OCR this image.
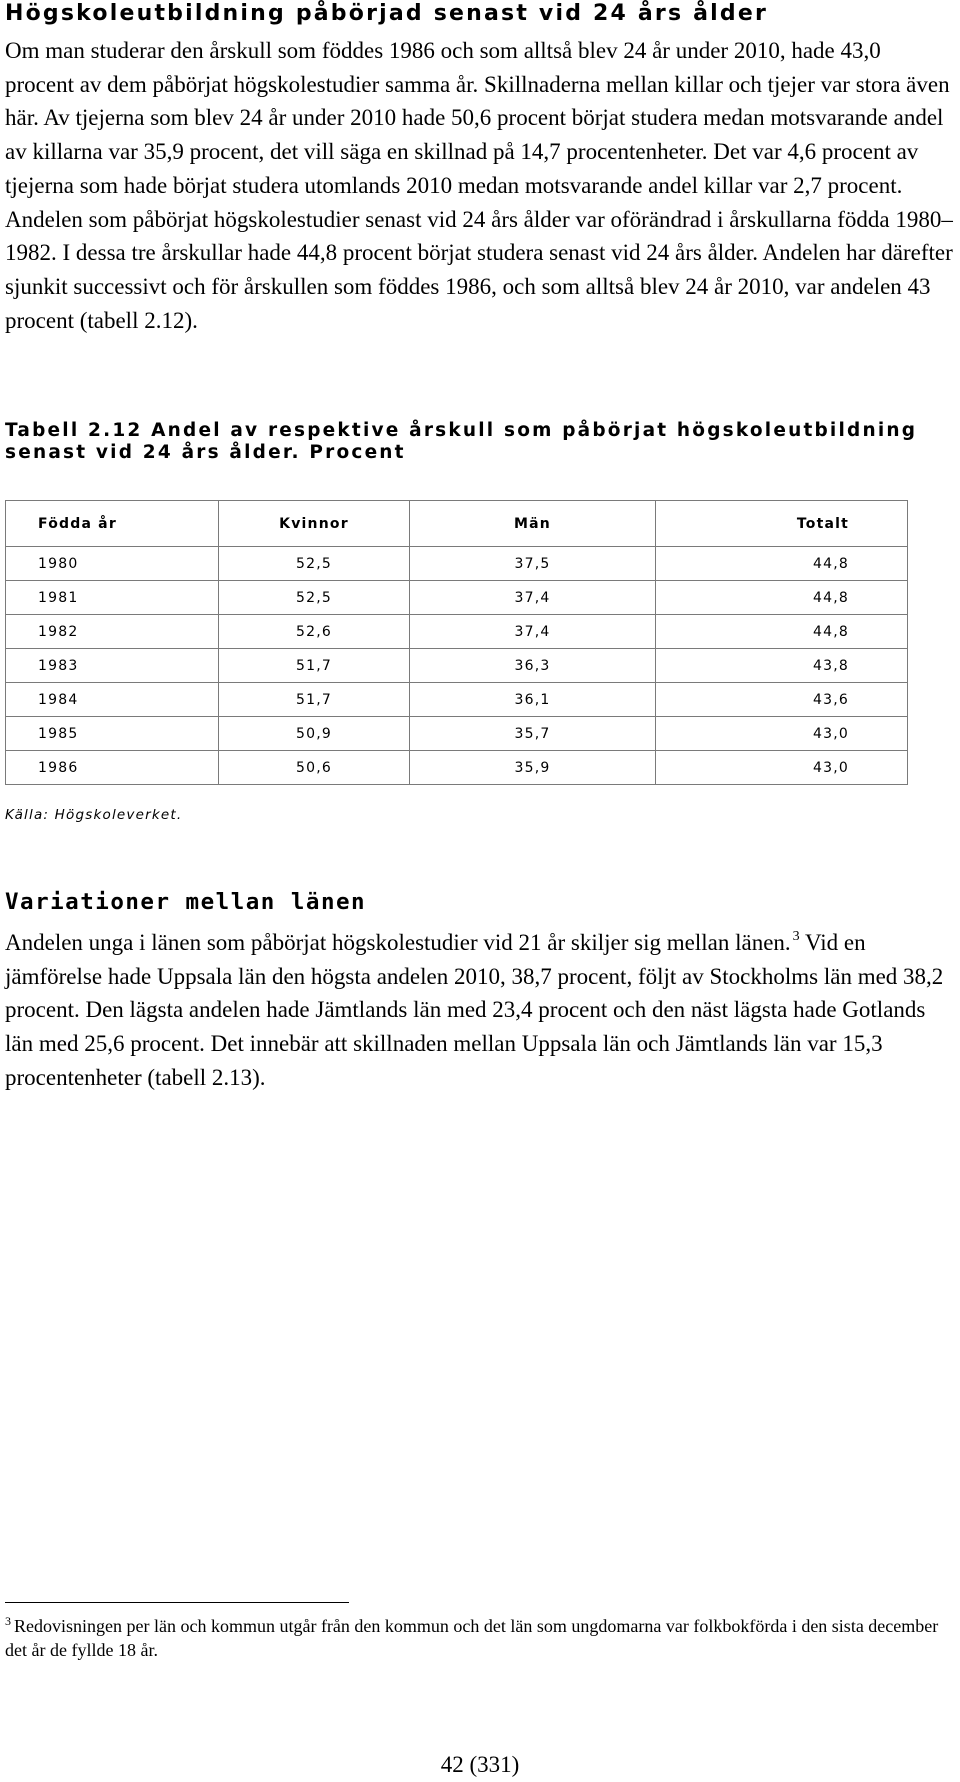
Högskoleutbildning påbörjad senast vid 24 års ålder
Om man studerar den årskull som föddes 1986 och som alltså blev 24 år under 2010, hade 43,0 procent av dem påbörjat högskolestudier samma år. Skillnaderna mellan killar och tjejer var stora även här. Av tjejerna som blev 24 år under 2010 hade 50,6 procent börjat studera medan motsvarande andel av killarna var 35,9 procent, det vill säga en skillnad på 14,7 procentenheter. Det var 4,6 procent av tjejerna som hade börjat studera utomlands 2010 medan motsvarande andel killar var 2,7 procent. Andelen som påbörjat högskolestudier senast vid 24 års ålder var oförändrad i årskullarna födda 1980–1982. I dessa tre årskullar hade 44,8 procent börjat studera senast vid 24 års ålder. Andelen har därefter sjunkit successivt och för årskullen som föddes 1986, och som alltså blev 24 år 2010, var andelen 43 procent (tabell 2.12).
Tabell 2.12 Andel av respektive årskull som påbörjat högskoleutbildning senast vid 24 års ålder. Procent
Födda år	Kvinnor	Män	Totalt
1980	52,5	37,5	44,8
1981	52,5	37,4	44,8
1982	52,6	37,4	44,8
1983	51,7	36,3	43,8
1984	51,7	36,1	43,6
1985	50,9	35,7	43,0
1986	50,6	35,9	43,0
Källa: Högskoleverket.
Variationer mellan länen
Andelen unga i länen som påbörjat högskolestudier vid 21 år skiljer sig mellan länen. $^3$ Vid en jämförelse hade Uppsala län den högsta andelen 2010, 38,7 procent, följt av Stockholms län med 38,2 procent. Den lägsta andelen hade Jämtlands län med 23,4 procent och den näst lägsta hade Gotlands län med 25,6 procent. Det innebär att skillnaden mellan Uppsala län och Jämtlands län var 15,3 procentenheter (tabell 2.13).
$^3$ Redovisningen per län och kommun utgår från den kommun och det län som ungdomarna var folkbokförda i den sista december det år de fyllde 18 år.
42 (331)
